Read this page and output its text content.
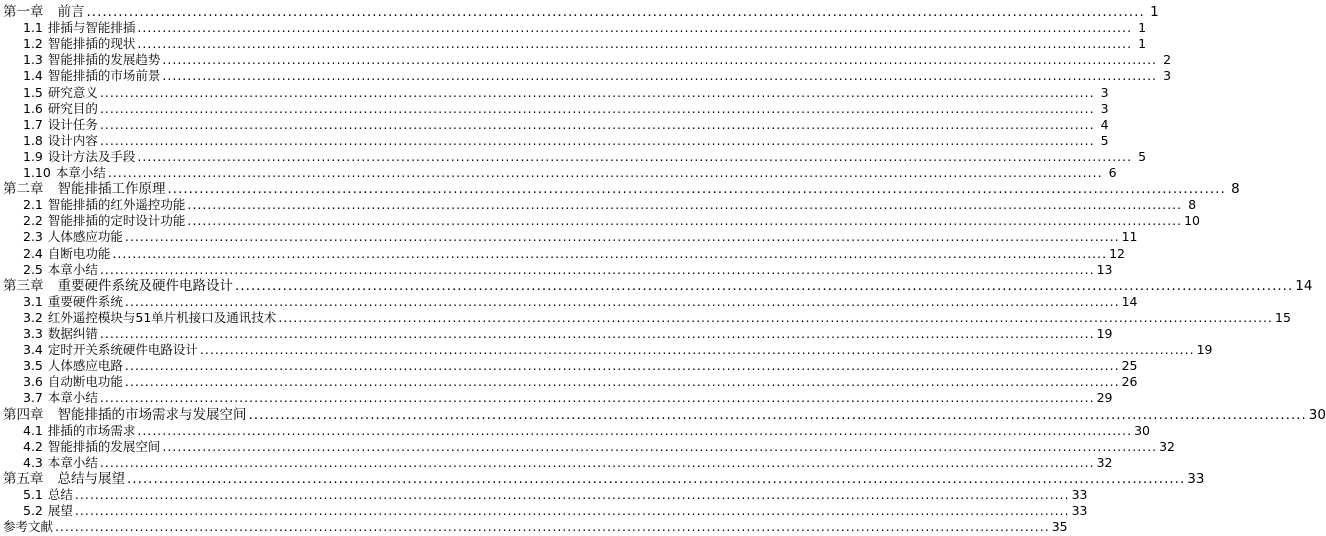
第一章 前言 ........................................................................................................................................................................................................ 1
1.1 排插与智能排插 ........................................................................................................................................................................................................ 1
1.2 智能排插的现状 ........................................................................................................................................................................................................ 1
1.3 智能排插的发展趋势 ........................................................................................................................................................................................................ 2
1.4 智能排插的市场前景 ........................................................................................................................................................................................................ 3
1.5 研究意义 ........................................................................................................................................................................................................ 3
1.6 研究目的 ........................................................................................................................................................................................................ 3
1.7 设计任务 ........................................................................................................................................................................................................ 4
1.8 设计内容 ........................................................................................................................................................................................................ 5
1.9 设计方法及手段 ........................................................................................................................................................................................................ 5
1.10 本章小结 ........................................................................................................................................................................................................ 6
第二章 智能排插工作原理 ........................................................................................................................................................................................................ 8
2.1 智能排插的红外遥控功能 ........................................................................................................................................................................................................ 8
2.2 智能排插的定时设计功能 ........................................................................................................................................................................................................ 10
2.3 人体感应功能 ........................................................................................................................................................................................................ 11
2.4 自断电功能 ........................................................................................................................................................................................................ 12
2.5 本章小结 ........................................................................................................................................................................................................ 13
第三章 重要硬件系统及硬件电路设计 ........................................................................................................................................................................................................ 14
3.1 重要硬件系统 ........................................................................................................................................................................................................ 14
3.2 红外遥控模块与51单片机接口及通讯技术 ........................................................................................................................................................................................................ 15
3.3 数据纠错 ........................................................................................................................................................................................................ 19
3.4 定时开关系统硬件电路设计 ........................................................................................................................................................................................................ 19
3.5 人体感应电路 ........................................................................................................................................................................................................ 25
3.6 自动断电功能 ........................................................................................................................................................................................................ 26
3.7 本章小结 ........................................................................................................................................................................................................ 29
第四章 智能排插的市场需求与发展空间 ........................................................................................................................................................................................................ 30
4.1 排插的市场需求 ........................................................................................................................................................................................................ 30
4.2 智能排插的发展空间 ........................................................................................................................................................................................................ 32
4.3 本章小结 ........................................................................................................................................................................................................ 32
第五章 总结与展望 ........................................................................................................................................................................................................ 33
5.1 总结 ........................................................................................................................................................................................................ 33
5.2 展望 ........................................................................................................................................................................................................ 33
参考文献 ........................................................................................................................................................................................................ 35
